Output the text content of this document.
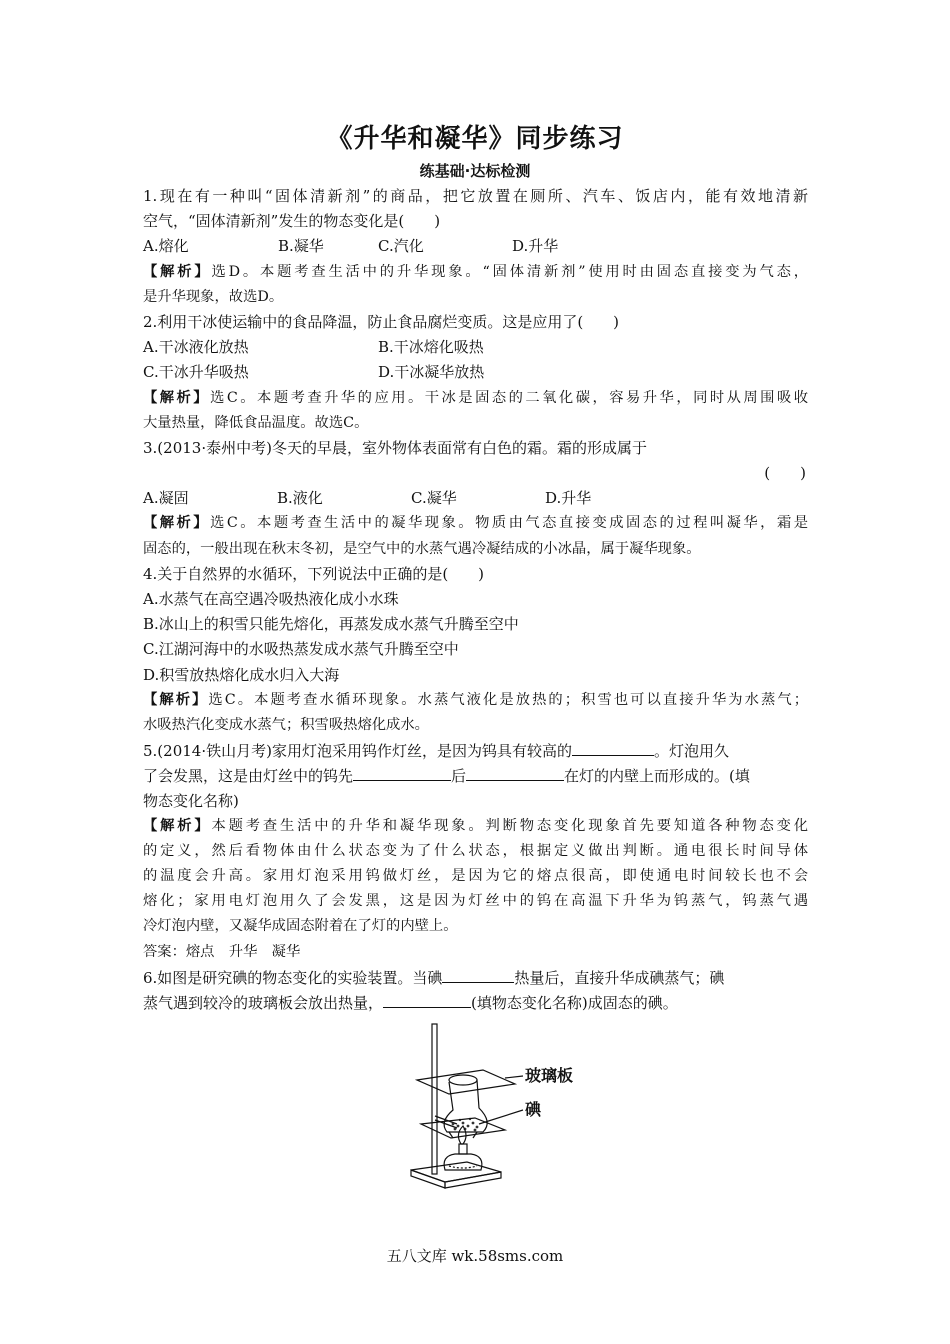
《升华和凝华》同步练习
练基础·达标检测
1.现在有一种叫“固体清新剂”的商品，把它放置在厕所、汽车、饭店内，能有效地清新
空气，“固体清新剂”发生的物态变化是(　　)
A.熔化	B.凝华	C.汽化	D.升华
【解析】选D。本题考查生活中的升华现象。“固体清新剂”使用时由固态直接变为气态，
是升华现象，故选D。
2.利用干冰使运输中的食品降温，防止食品腐烂变质。这是应用了(　　)
A.干冰液化放热	B.干冰熔化吸热
C.干冰升华吸热	D.干冰凝华放热
【解析】选C。本题考查升华的应用。干冰是固态的二氧化碳，容易升华，同时从周围吸收
大量热量，降低食品温度。故选C。
3.(2013·泰州中考)冬天的早晨，室外物体表面常有白色的霜。霜的形成属于
(　　)
A.凝固	B.液化	C.凝华	D.升华
【解析】选C。本题考查生活中的凝华现象。物质由气态直接变成固态的过程叫凝华，霜是
固态的，一般出现在秋末冬初，是空气中的水蒸气遇冷凝结成的小冰晶，属于凝华现象。
4.关于自然界的水循环，下列说法中正确的是(　　)
A.水蒸气在高空遇冷吸热液化成小水珠
B.冰山上的积雪只能先熔化，再蒸发成水蒸气升腾至空中
C.江湖河海中的水吸热蒸发成水蒸气升腾至空中
D.积雪放热熔化成水归入大海
【解析】选C。本题考查水循环现象。水蒸气液化是放热的；积雪也可以直接升华为水蒸气；
水吸热汽化变成水蒸气；积雪吸热熔化成水。
5.(2014·铁山月考)家用灯泡采用钨作灯丝，是因为钨具有较高的	。灯泡用久
了会发黑，这是由灯丝中的钨先	后	在灯的内壁上而形成的。(填
物态变化名称)
【解析】本题考查生活中的升华和凝华现象。判断物态变化现象首先要知道各种物态变化
的定义，然后看物体由什么状态变为了什么状态，根据定义做出判断。通电很长时间导体
的温度会升高。家用灯泡采用钨做灯丝，是因为它的熔点很高，即使通电时间较长也不会
熔化；家用电灯泡用久了会发黑，这是因为灯丝中的钨在高温下升华为钨蒸气，钨蒸气遇
冷灯泡内壁，又凝华成固态附着在了灯的内壁上。
答案：熔点　升华　凝华
6.如图是研究碘的物态变化的实验装置。当碘	热量后，直接升华成碘蒸气；碘
蒸气遇到较冷的玻璃板会放出热量，	(填物态变化名称)成固态的碘。
玻璃板
碘
五八文库 wk.58sms.com
